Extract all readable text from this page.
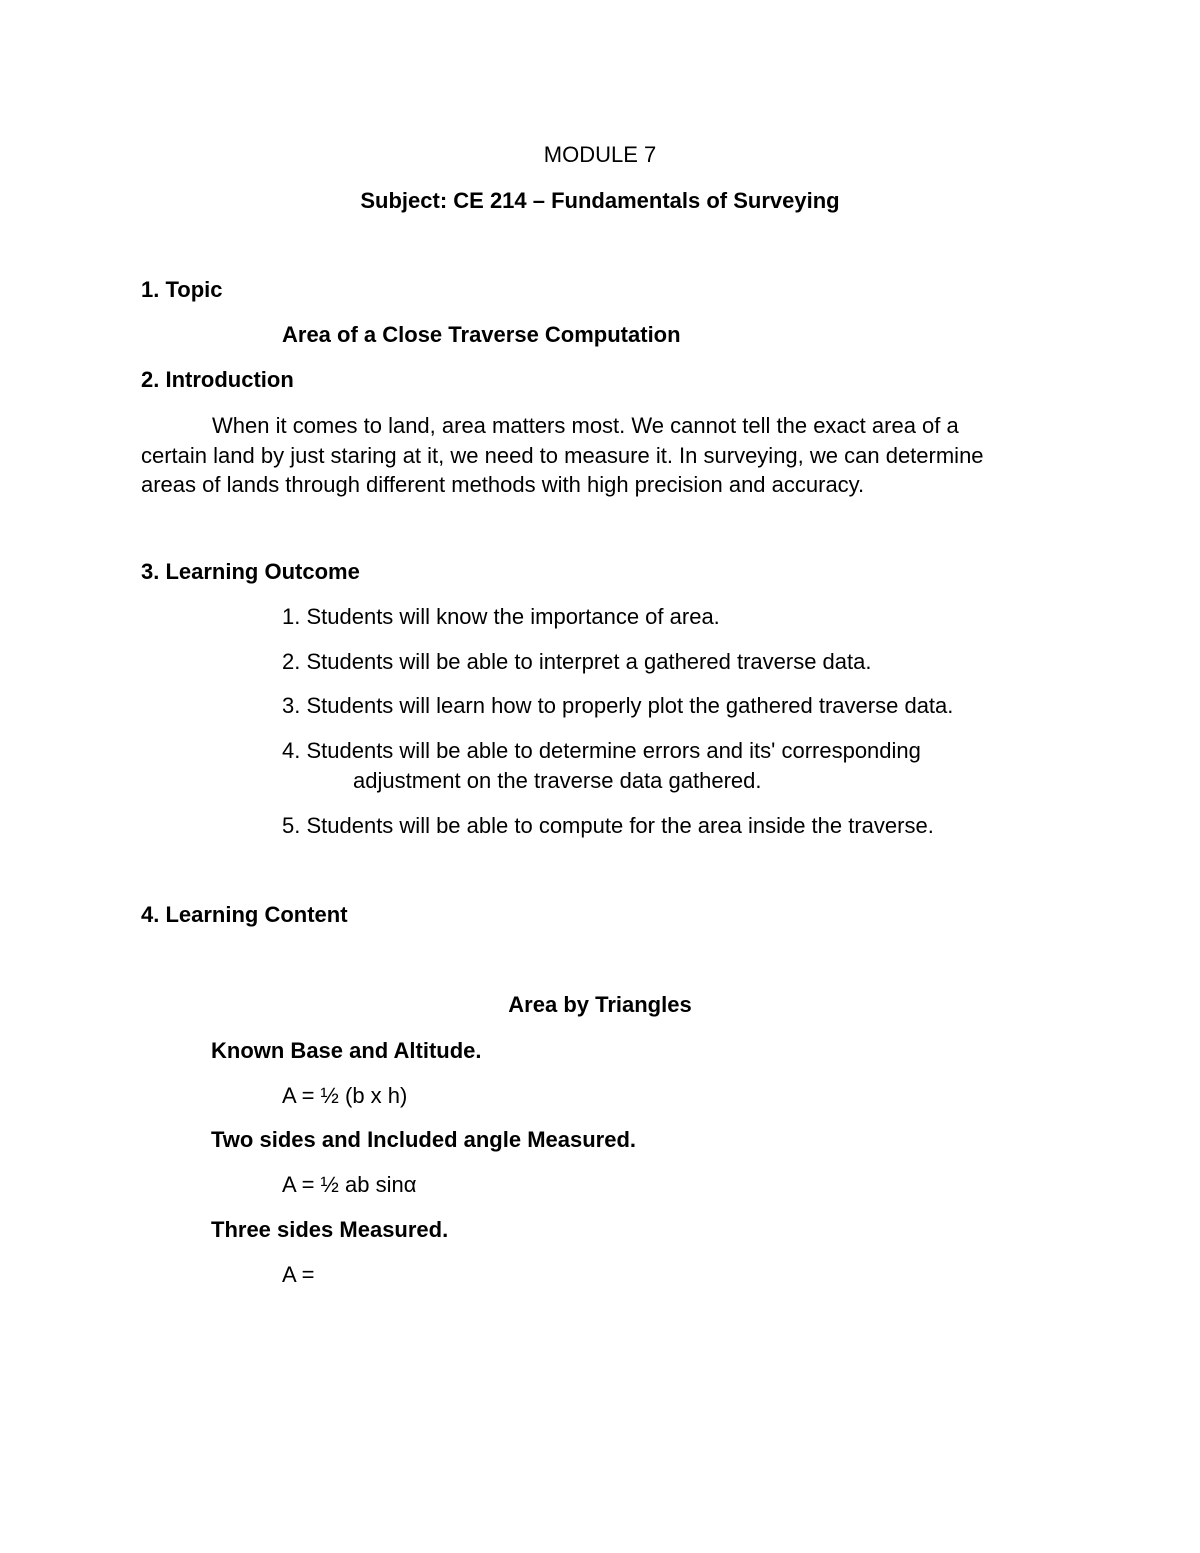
MODULE 7

Subject: CE 214 – Fundamentals of Surveying

1. Topic

Area of a Close Traverse Computation

2. Introduction

When it comes to land, area matters most. We cannot tell the exact area of a
certain land by just staring at it, we need to measure it. In surveying, we can determine
areas of lands through different methods with high precision and accuracy.

3. Learning Outcome

1. Students will know the importance of area.

2. Students will be able to interpret a gathered traverse data.

3. Students will learn how to properly plot the gathered traverse data.

4. Students will be able to determine errors and its' corresponding

adjustment on the traverse data gathered.

5. Students will be able to compute for the area inside the traverse.

4. Learning Content

Area by Triangles

Known Base and Altitude.

A = ½ (b x h)

Two sides and Included angle Measured.

A = ½ ab sinα

Three sides Measured.

A =
